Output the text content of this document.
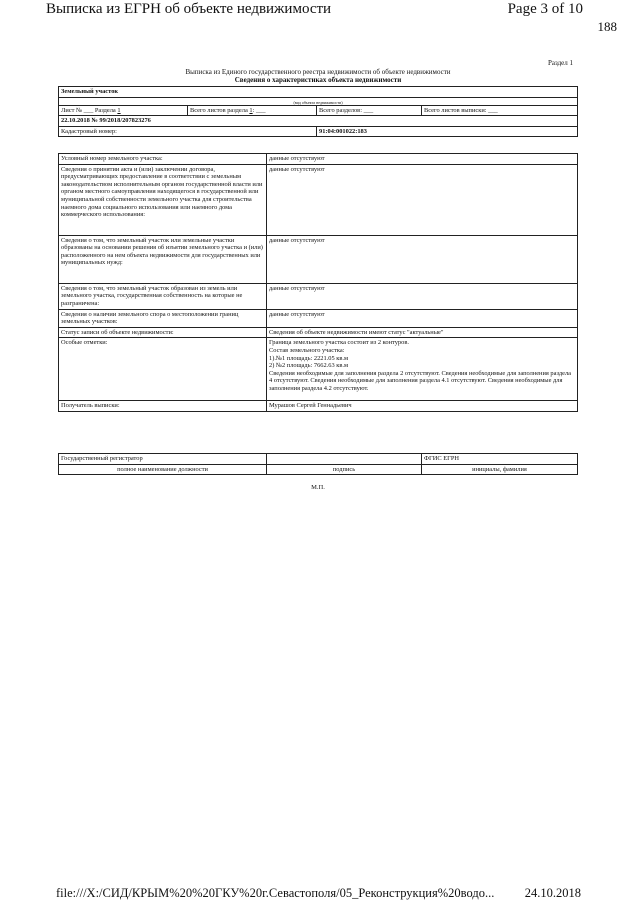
Выписка из ЕГРН об объекте недвижимости	Page 3 of 10
188
Раздел 1
Выписка из Единого государственного реестра недвижимости об объекте недвижимости
Сведения о характеристиках объекта недвижимости
Земельный участок			
(вид объекта недвижимости)			
Лист № ___ Раздела 1	Всего листов раздела 1: ___	Всего разделов: ___	Всего листов выписки: ___
22.10.2018 № 99/2018/207823276			
Кадастровый номер:		91:04:001022:183	
Условный номер земельного участка:	данные отсутствуют
Сведения о принятии акта и (или) заключении договора, предусматривающих предоставление в соответствии с земельным законодательством исполнительным органом государственной власти или органом местного самоуправления находящегося в государственной или муниципальной собственности земельного участка для строительства наемного дома социального использования или наемного дома коммерческого использования:	данные отсутствуют
Сведения о том, что земельный участок или земельные участки образованы на основании решения об изъятии земельного участка и (или) расположенного на нем объекта недвижимости для государственных или муниципальных нужд:	данные отсутствуют
Сведения о том, что земельный участок образован из земель или земельного участка, государственная собственность на которые не разграничена:	данные отсутствуют
Сведения о наличии земельного спора о местоположении границ земельных участков:	данные отсутствуют
Статус записи об объекте недвижимости:	Сведения об объекте недвижимости имеют статус "актуальные"
Особые отметки:	Граница земельного участка состоит из 2 контуров.
Состав земельного участка:
1).№1 площадь: 2221.05 кв.м
2) №2 площадь: 7662.63 кв.м
Сведения необходимые для заполнения раздела 2 отсутствуют. Сведения необходимые для заполнения раздела 4 отсутствуют. Сведения необходимые для заполнения раздела 4.1 отсутствуют. Сведения необходимые для заполнения раздела 4.2 отсутствуют.
Получатель выписки:	Мурашов Сергей Геннадьевич
Государственный регистратор		ФГИС ЕГРН
полное наименование должности	подпись	инициалы, фамилия
М.П.
file:///X:/СИД/КРЫМ%20%20ГКУ%20г.Севастополя/05_Реконструкция%20водо... 24.10.2018
